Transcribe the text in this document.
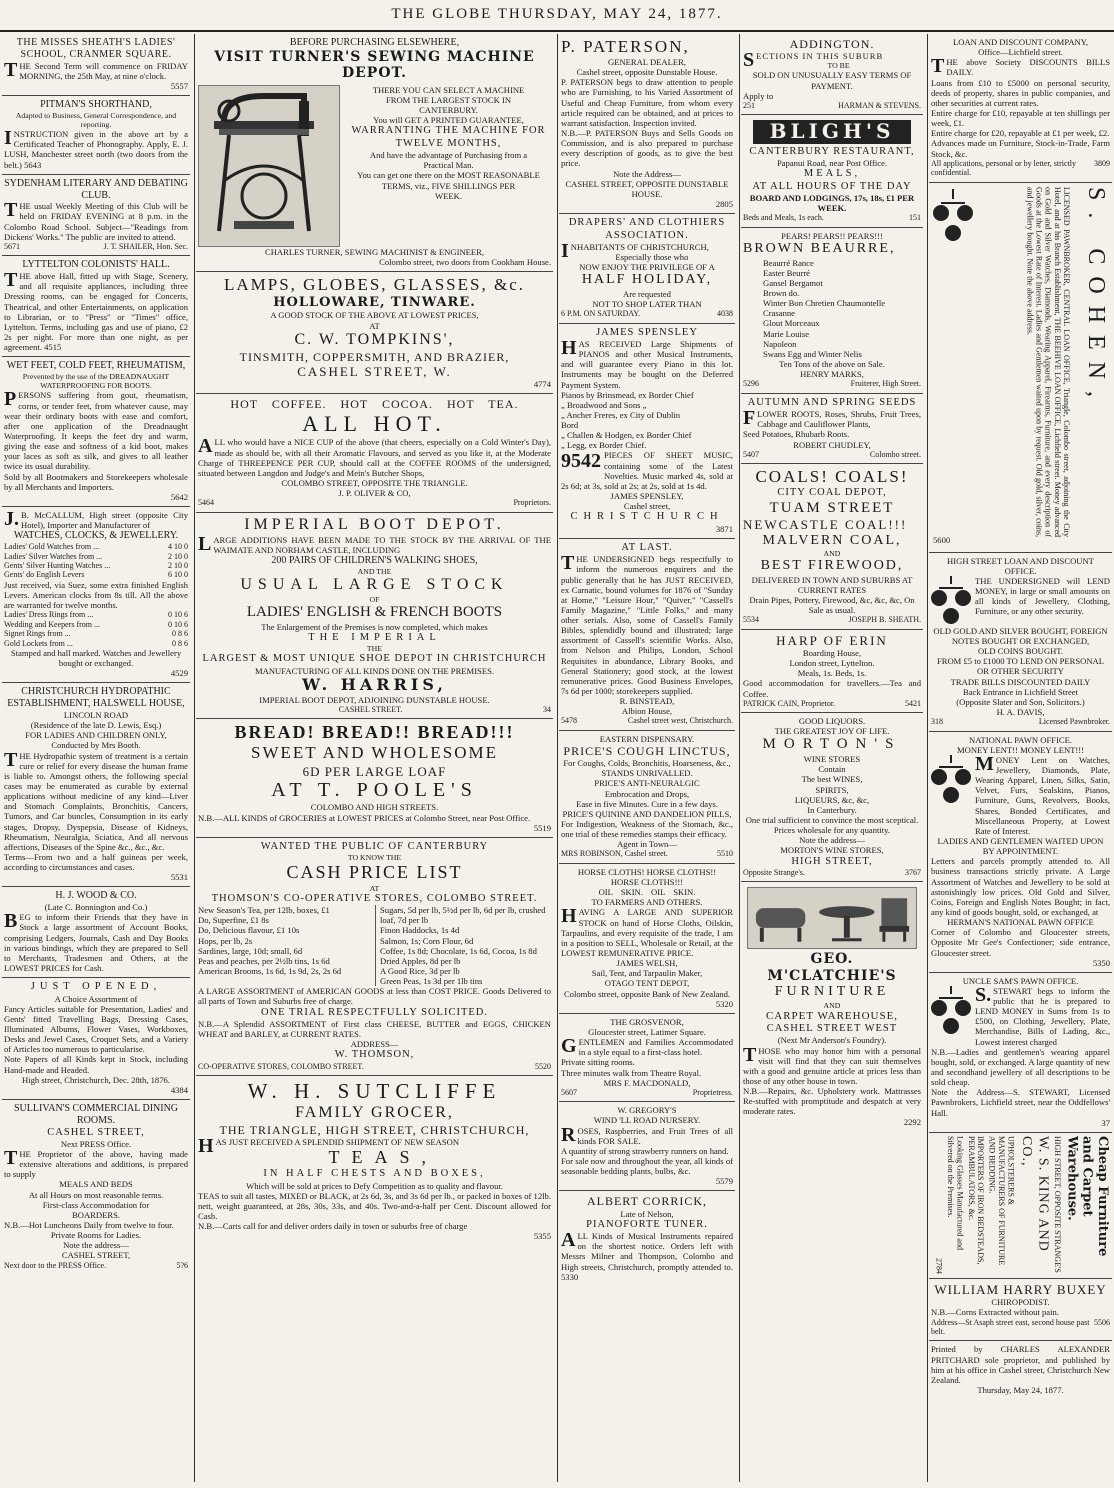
THE GLOBE THURSDAY, MAY 24, 1877.
THE MISSES SHEATH'S LADIES' SCHOOL, CRANMER SQUARE.
THE Second Term will commence on FRIDAY MORNING, the 25th May, at nine o'clock.
5557
PITMAN'S SHORTHAND,
Adapted to Business, General Correspondence, and reporting.
INSTRUCTION given in the above art by a Certificated Teacher of Phonography. Apply, E. J. LUSH, Manchester street north (two doors from the belt.) 5643
SYDENHAM LITERARY AND DEBATING CLUB.
THE usual Weekly Meeting of this Club will be held on FRIDAY EVENING at 8 p.m. in the Colombo Road School. Subject—"Readings from Dickens' Works." The public are invited to attend.
5671	J. T. SHAILER, Hon. Sec.
LYTTELTON COLONISTS' HALL.
THE above Hall, fitted up with Stage, Scenery, and all requisite appliances, including three Dressing rooms, can be engaged for Concerts, Theatrical, and other Entertainments, on application to Librarian, or to "Press" or "Times" office, Lyttelton. Terms, including gas and use of piano, £2 2s per night. For more than one night, as per agreement. 4515
WET FEET, COLD FEET, RHEUMATISM,
Prevented by the use of the DREADNAUGHT WATERPROOFING FOR BOOTS.
PERSONS suffering from gout, rheumatism, corns, or tender feet, from whatever cause, may wear their ordinary boots with ease and comfort, after one application of the Dreadnaught Waterproofing. It keeps the feet dry and warm, giving the ease and softness of a kid boot, makes your laces as soft as silk, and gives to all leather twice its usual durability.
Sold by all Bootmakers and Storekeepers wholesale by all Merchants and Importers.
5642
J. B. McCALLUM, High street (opposite City Hotel), Importer and Manufacturer of
WATCHES, CLOCKS, & JEWELLERY.
Ladies' Gold Watches from ...	4 10 0
Ladies' Silver Watches from ...	2 10 0
Gents' Silver Hunting Watches ...	2 10 0
Gents' do English Levers	6 10 0
Just received, via Suez, some extra finished English Levers. American clocks from 8s till. All the above are warranted for twelve months.
Ladies' Dress Rings from ...	0 10 6
Wedding and Keepers from ...	0 10 6
Signet Rings from ...	0 8 6
Gold Lockets from ...	0 8 6
Stamped and hall marked. Watches and Jewellery bought or exchanged.
4529
CHRISTCHURCH HYDROPATHIC ESTABLISHMENT, HALSWELL HOUSE,
LINCOLN ROAD
(Residence of the late D. Lewis, Esq.)
FOR LADIES AND CHILDREN ONLY,
Conducted by Mrs Booth.
THE Hydropathic system of treatment is a certain cure or relief for every disease the human frame is liable to. Amongst others, the following special cases may be enumerated as curable by external applications without medicine of any kind—Liver and Stomach Complaints, Bronchitis, Cancers, Tumors, and Car buncles, Consumption in its early stages, Dropsy, Dyspepsia, Disease of Kidneys, Rheumatism, Neuralgia, Sciatica, And all nervous affections, Diseases of the Spine &c., &c., &c.
Terms—From two and a half guineas per week, according to circumstances and cases.
5531
H. J. WOOD & CO.
(Late C. Bonnington and Co.)
BEG to inform their Friends that they have in Stock a large assortment of Account Books, comprising Ledgers, Journals, Cash and Day Books in various bindings, which they are prepared to Sell to Merchants, Tradesmen and Others, at the LOWEST PRICES for Cash.
JUST OPENED,
A Choice Assortment of
Fancy Articles suitable for Presentation, Ladies' and Gents' fitted Travelling Bags, Dressing Cases, Illuminated Albums, Flower Vases, Workboxes, Desks and Jewel Cases, Croquet Sets, and a Variety of Articles too numerous to particularise.
Note Papers of all Kinds kept in Stock, including Hand-made and Headed.
High street, Christchurch, Dec. 28th, 1876.
4384
SULLIVAN'S COMMERCIAL DINING ROOMS.
CASHEL STREET,
Next PRESS Office.
THE Proprietor of the above, having made extensive alterations and additions, is prepared to supply
MEALS AND BEDS
At all Hours on most reasonable terms.
First-class Accommodation for
BOARDERS.
N.B.—Hot Luncheons Daily from twelve to four.
Private Rooms for Ladies.
Note the address—
CASHEL STREET,
Next door to the PRESS Office.	5?6
BEFORE PURCHASING ELSEWHERE,
VISIT TURNER'S SEWING MACHINE DEPOT.
THERE YOU CAN SELECT A MACHINE
FROM THE LARGEST STOCK IN
CANTERBURY.
You will GET A PRINTED GUARANTEE,
WARRANTING THE MACHINE FOR
TWELVE MONTHS,
And have the advantage of Purchasing from a
Practical Man.
You can get one there on the MOST REASONABLE
TERMS, viz., FIVE SHILLINGS PER
WEEK.
CHARLES TURNER, SEWING MACHINIST & ENGINEER,
Colombo street, two doors from Cookham House.
LAMPS, GLOBES, GLASSES, &c.
HOLLOWARE, TINWARE.
A GOOD STOCK OF THE ABOVE AT LOWEST PRICES,
AT
C. W. TOMPKINS',
TINSMITH, COPPERSMITH, AND BRAZIER,
CASHEL STREET, W.
4774
HOT COFFEE. HOT COCOA. HOT TEA.
ALL HOT.
ALL who would have a NICE CUP of the above (that cheers, especially on a Cold Winter's Day), made as should be, with all their Aromatic Flavours, and served as you like it, at the Moderate Charge of THREEPENCE PER CUP, should call at the COFFEE ROOMS of the undersigned, situated between Langdon and Judge's and Mein's Butcher Shops,
COLOMBO STREET, OPPOSITE THE TRIANGLE.
J. P. OLIVER & CO,
5464	Proprietors.
IMPERIAL BOOT DEPOT.
LARGE ADDITIONS HAVE BEEN MADE TO THE STOCK BY THE ARRIVAL OF THE WAIMATE AND NORHAM CASTLE, INCLUDING
200 PAIRS OF CHILDREN'S WALKING SHOES,
AND THE
USUAL LARGE STOCK
OF
LADIES' ENGLISH & FRENCH BOOTS
The Enlargement of the Premises is now completed, which makes
THE IMPERIAL
THE
LARGEST & MOST UNIQUE SHOE DEPOT IN CHRISTCHURCH
MANUFACTURING OF ALL KINDS DONE ON THE PREMISES.
W. HARRIS,
IMPERIAL BOOT DEPOT, ADJOINING DUNSTABLE HOUSE.
CASHEL STREET.	34
BREAD! BREAD!! BREAD!!!
SWEET AND WHOLESOME
6D PER LARGE LOAF
AT T. POOLE'S
COLOMBO AND HIGH STREETS.
N.B.—ALL KINDS of GROCERIES at LOWEST PRICES at Colombo Street, near Post Office.
5519
WANTED THE PUBLIC OF CANTERBURY
TO KNOW THE
CASH PRICE LIST
AT
THOMSON'S CO-OPERATIVE STORES, COLOMBO STREET.
New Season's Tea, per 12lb, boxes, £1
Do, Superfine, £1 8s
Do, Delicious flavour, £1 10s
Hops, per lb, 2s
Sardines, large, 10d; small, 6d
Peas and peaches, per 2½lb tins, 1s 6d
American Brooms, 1s 6d, 1s 9d, 2s, 2s 6d
Sugars, 5d per lb, 5½d per lb, 6d per lb, crushed loaf, 7d per lb
Finon Haddocks, 1s 4d
Salmon, 1s; Corn Flour, 6d
Coffee, 1s 8d; Chocolate, 1s 6d, Cocoa, 1s 8d
Dried Apples, 8d per lb
A Good Rice, 3d per lb
Green Peas, 1s 3d per 1lb tins
A LARGE ASSORTMENT of AMERICAN GOODS at less than COST PRICE. Goods Delivered to all parts of Town and Suburbs free of charge.
ONE TRIAL RESPECTFULLY SOLICITED.
N.B.—A Splendid ASSORTMENT of First class CHEESE, BUTTER and EGGS, CHICKEN WHEAT and BARLEY, at CURRENT RATES.
ADDRESS—
W. THOMSON,
CO-OPERATIVE STORES, COLOMBO STREET.	5520
W. H. SUTCLIFFE
FAMILY GROCER,
THE TRIANGLE, HIGH STREET, CHRISTCHURCH,
HAS JUST RECEIVED A SPLENDID SHIPMENT OF NEW SEASON
TEAS,
IN HALF CHESTS AND BOXES,
Which will be sold at prices to Defy Competition as to quality and flavour.
TEAS to suit all tastes, MIXED or BLACK, at 2s 6d, 3s, and 3s 6d per lb., or packed in boxes of 12lb. nett, weight guaranteed, at 28s, 30s, 33s, and 40s. Two-and-a-half per Cent. Discount allowed for Cash.
N.B.—Carts call for and deliver orders daily in town or suburbs free of charge
5355
P. PATERSON,
GENERAL DEALER,
Cashel street, opposite Dunstable House.
P. PATERSON begs to draw attention to people who are Furnishing, to his Varied Assortment of Useful and Cheap Furniture, from whom every article required can be obtained, and at prices to warrant satisfaction. Inspection invited.
N.B.—P. PATERSON Buys and Sells Goods on Commission, and is also prepared to purchase every description of goods, as to give the best price.
Note the Address—
CASHEL STREET, OPPOSITE DUNSTABLE HOUSE.
2805
DRAPERS' AND CLOTHIERS ASSOCIATION.
INHABITANTS OF CHRISTCHURCH,
Especially those who
NOW ENJOY THE PRIVILEGE OF A
HALF HOLIDAY,
Are requested
NOT TO SHOP LATER THAN
6 P.M. ON SATURDAY.	4038
JAMES SPENSLEY
HAS RECEIVED Large Shipments of PIANOS and other Musical Instruments, and will guarantee every Piano in this lot. Instruments may be bought on the Deferred Payment System.
Pianos by Brinsmead, ex Border Chief
„ Broadwood and Sons „
„ Ancher Freres, ex City of Dublin
Bord
„ Challen & Hodgen, ex Border Chief
„ Legg, ex Border Chief.
9542 PIECES OF SHEET MUSIC, containing some of the Latest Novelties. Music marked 4s, sold at 2s 6d; at 3s, sold at 2s; at 2s, sold at 1s 4d.
JAMES SPENSLEY,
Cashel street,
CHRISTCHURCH
3871
AT LAST.
THE UNDERSIGNED begs respectfully to inform the numerous enquirers and the public generally that he has JUST RECEIVED, ex Carnatic, bound volumes for 1876 of "Sunday at Home," "Leisure Hour," "Quiver," "Cassell's Family Magazine," "Little Folks," and many other serials. Also, some of Cassell's Family Bibles, splendidly bound and illustrated; large assortment of Cassell's scientific Works. Also, from Nelson and Philips, London, School Requisites in abundance, Library Books, and General Stationery; good stock, at the lowest remunerative prices. Good Business Envelopes, 7s 6d per 1000; storekeepers supplied.
R. BINSTEAD,
Albion House,
5478	Cashel street west, Christchurch.
EASTERN DISPENSARY.
PRICE'S COUGH LINCTUS,
For Coughs, Colds, Bronchitis, Hoarseness, &c.,
STANDS UNRIVALLED.
PRICE'S ANTI-NEURALGIC
Embrocation and Drops,
Ease in five Minutes. Cure in a few days.
PRICE'S QUININE AND DANDELION PILLS,
For Indigestion, Weakness of the Stomach, &c., one trial of these remedies stamps their efficacy.
Agent in Town—
MRS ROBINSON, Cashel street.	5510
HORSE CLOTHS! HORSE CLOTHS!!
HORSE CLOTHS!!!
OIL SKIN. OIL SKIN.
TO FARMERS AND OTHERS.
HAVING A LARGE AND SUPERIOR STOCK on hand of Horse Cloths, Oilskin, Tarpaulins, and every requisite of the trade, I am in a position to SELL, Wholesale or Retail, at the LOWEST REMUNERATIVE PRICE.
JAMES WELSH,
Sail, Tent, and Tarpaulin Maker,
OTAGO TENT DEPOT,
Colombo street, opposite Bank of New Zealand.
5320
THE GROSVENOR,
Gloucester street, Latimer Square.
GENTLEMEN and Families Accommodated in a style equal to a first-class hotel.
Private sitting rooms.
Three minutes walk from Theatre Royal.
MRS F. MACDONALD,
5607	Proprietress.
W. GREGORY'S
WIND 'LL ROAD NURSERY.
ROSES, Raspberries, and Fruit Trees of all kinds FOR SALE.
A quantity of strong strawberry runners on hand.
For sale now and throughout the year, all kinds of seasonable bedding plants, bulbs, &c.
5579
ALBERT CORRICK,
Late of Nelson,
PIANOFORTE TUNER.
ALL Kinds of Musical Instruments repaired on the shortest notice. Orders left with Messrs Milner and Thompson, Colombo and High streets, Christchurch, promptly attended to. 5330
ADDINGTON.
SECTIONS IN THIS SUBURB
TO BE
SOLD ON UNUSUALLY EASY TERMS OF PAYMENT.
Apply to
251	HARMAN & STEVENS.
BLIGH'S
CANTERBURY RESTAURANT,
Papanui Road, near Post Office.
MEALS,
AT ALL HOURS OF THE DAY
BOARD AND LODGINGS, 17s, 18s, £1 PER WEEK.
Beds and Meals, 1s each.	151
PEARS! PEARS!! PEARS!!!
BROWN BEAURRE,
Beaurré Rance
Easter Beurré
Gansel Bergamot
Brown do.
Winter Bon Chretien Chaumontelle
Crasanne
Glout Morceaux
Marie Louise
Napoleon
Swans Egg and Winter Nelis
Ten Tons of the above on Sale.
HENRY MARKS,
5296	Fruiterer, High Street.
AUTUMN AND SPRING SEEDS
FLOWER ROOTS, Roses, Shrubs, Fruit Trees, Cabbage and Cauliflower Plants,
Seed Potatoes, Rhubarb Roots.
ROBERT CHUDLEY,
5407	Colombo street.
COALS! COALS!
CITY COAL DEPOT,
TUAM STREET
NEWCASTLE COAL!!!
MALVERN COAL,
AND
BEST FIREWOOD,
DELIVERED IN TOWN AND SUBURBS AT CURRENT RATES
Drain Pipes, Pottery, Firewood, &c, &c, &c, On Sale as usual.
5534	JOSEPH B. SHEATH.
HARP OF ERIN
Boarding House,
London street, Lyttelton.
Meals, 1s. Beds, 1s.
Good accommodation for travellers.—Tea and Coffee.
PATRICK CAIN, Proprietor.	5421
GOOD LIQUORS.
THE GREATEST JOY OF LIFE.
MORTON'S
WINE STORES
Contain
The best WINES,
SPIRITS,
LIQUEURS, &c, &c,
In Canterbury.
One trial sufficient to convince the most sceptical.
Prices wholesale for any quantity.
Note the address—
MORTON'S WINE STORES,
HIGH STREET,
Opposite Strange's.	3767
GEO. M'CLATCHIE'S
FURNITURE
AND
CARPET WAREHOUSE,
CASHEL STREET WEST
(Next Mr Anderson's Foundry).
THOSE who may honor him with a personal visit will find that they can suit themselves with a good and genuine article at prices less than those of any other house in town.
N.B.—Repairs, &c. Upholstery work. Mattrasses Re-stuffed with promptitude and despatch at very moderate rates.
2292
LOAN AND DISCOUNT COMPANY,
Office—Lichfield street.
THE above Society DISCOUNTS BILLS DAILY.
Loans from £10 to £5000 on personal security, deeds of property, shares in public companies, and other securities at current rates.
Entire charge for £10, repayable at ten shillings per week, £1.
Entire charge for £20, repayable at £1 per week, £2.
Advances made on Furniture, Stock-in-Trade, Farm Stock, &c.
All applications, personal or by letter, strictly confidential.
3809
S. COHEN,
LICENSED PAWNBROKER, CENTRAL LOAN OFFICE, Triangle, Colombo street, adjoining the City Hotel, and at his Branch Establishment, THE BEEHIVE LOAN OFFICE, Lichfield street. Money advanced on Gold and Silver Watches, Diamonds, Wearing Apparel, Firearms, Furniture, and every description of Goods at the Lowest Rate of Interest. Ladies and Gentlemen waited upon by request. Old gold, silver, coins, and jewellery bought. Note the above address.
5600
HIGH STREET LOAN AND DISCOUNT OFFICE.
THE UNDERSIGNED will LEND MONEY, in large or small amounts on all kinds of Jewellery, Clothing, Furniture, or any other security.
OLD GOLD AND SILVER BOUGHT, FOREIGN NOTES BOUGHT OR EXCHANGED,
OLD COINS BOUGHT.
FROM £5 to £1000 TO LEND ON PERSONAL OR OTHER SECURITY
TRADE BILLS DISCOUNTED DAILY
Back Entrance in Lichfield Street
(Opposite Slater and Son, Solicitors.)
H. A. DAVIS,
318	Licensed Pawnbroker.
NATIONAL PAWN OFFICE.
MONEY LENT!! MONEY LENT!!!
MONEY Lent on Watches, Jewellery, Diamonds, Plate, Wearing Apparel, Linen, Silks, Satin, Velvet, Furs, Sealskins, Pianos, Furniture, Guns, Revolvers, Books, Shares, Bonded Certificates, and Miscellaneous Property, at Lowest Rate of Interest.
LADIES AND GENTLEMEN WAITED UPON BY APPOINTMENT.
Letters and parcels promptly attended to. All business transactions strictly private. A Large Assortment of Watches and Jewellery to be sold at astonishingly low prices. Old Gold and Silver, Coins, Foreign and English Notes Bought; in fact, any kind of goods bought, sold, or exchanged, at
HERMAN'S NATIONAL PAWN OFFICE
Corner of Colombo and Gloucester streets, Opposite Mr Gee's Confectioner; side entrance, Gloucester street.
5350
UNCLE SAM'S PAWN OFFICE.
S. STEWART begs to inform the public that he is prepared to LEND MONEY in Sums from 1s to £500, on Clothing, Jewellery, Plate, Merchandise, Bills of Lading, &c., Lowest interest charged
N.B.—Ladies and gentlemen's wearing apparel bought, sold, or exchanged. A large quantity of new and secondhand jewellery of all descriptions to be sold cheap.
Note the Address—S. STEWART, Licensed Pawnbrokers, Lichfield street, near the Oddfellows' Hall.
37
Cheap Furniture and Carpet Warehouse.
HIGH STREET, OPPOSITE STRANGE'S
W. S. KING AND CO.,
UPHOLSTERERS & MANUFACTURERS OF FURNITURE AND BEDDING.
IMPORTERS OF IRON BEDSTEADS, PERAMBULATORS, &c.
Looking Glasses Manufactured and Silvered on the Premises.
2784
WILLIAM HARRY BUXEY
CHIROPODIST.
N.B.—Corns Extracted without pain.
Address—St Asaph street east, second house past belt.
5506
Printed by CHARLES ALEXANDER PRITCHARD sole proprietor, and published by him at his office in Cashel street, Christchurch New Zealand.
Thursday, May 24, 1877.
